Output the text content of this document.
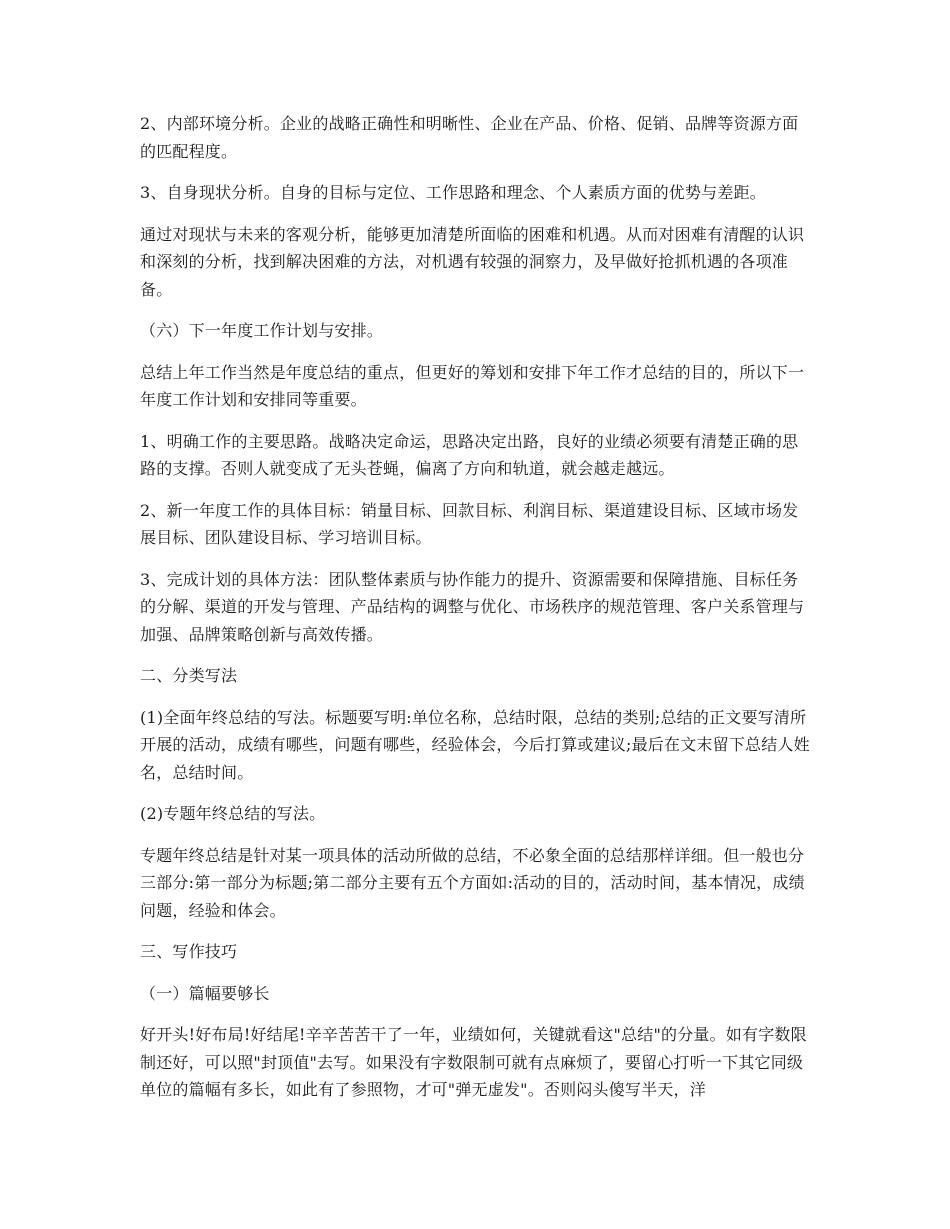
2、内部环境分析。企业的战略正确性和明晰性、企业在产品、价格、促销、品牌等资源方面的匹配程度。

3、自身现状分析。自身的目标与定位、工作思路和理念、个人素质方面的优势与差距。

通过对现状与未来的客观分析，能够更加清楚所面临的困难和机遇。从而对困难有清醒的认识和深刻的分析，找到解决困难的方法，对机遇有较强的洞察力，及早做好抢抓机遇的各项准备。

（六）下一年度工作计划与安排。

总结上年工作当然是年度总结的重点，但更好的筹划和安排下年工作才总结的目的，所以下一年度工作计划和安排同等重要。

1、明确工作的主要思路。战略决定命运，思路决定出路，良好的业绩必须要有清楚正确的思路的支撑。否则人就变成了无头苍蝇，偏离了方向和轨道，就会越走越远。

2、新一年度工作的具体目标：销量目标、回款目标、利润目标、渠道建设目标、区域市场发展目标、团队建设目标、学习培训目标。

3、完成计划的具体方法：团队整体素质与协作能力的提升、资源需要和保障措施、目标任务的分解、渠道的开发与管理、产品结构的调整与优化、市场秩序的规范管理、客户关系管理与加强、品牌策略创新与高效传播。

二、分类写法

(1)全面年终总结的写法。标题要写明:单位名称，总结时限，总结的类别;总结的正文要写清所开展的活动，成绩有哪些，问题有哪些，经验体会，今后打算或建议;最后在文末留下总结人姓名，总结时间。

(2)专题年终总结的写法。

专题年终总结是针对某一项具体的活动所做的总结，不必象全面的总结那样详细。但一般也分三部分:第一部分为标题;第二部分主要有五个方面如:活动的目的，活动时间，基本情况，成绩问题，经验和体会。

三、写作技巧

（一）篇幅要够长

好开头!好布局!好结尾!辛辛苦苦干了一年，业绩如何，关键就看这"总结"的分量。如有字数限制还好，可以照"封顶值"去写。如果没有字数限制可就有点麻烦了，要留心打听一下其它同级单位的篇幅有多长，如此有了参照物，才可"弹无虚发"。否则闷头傻写半天，洋
